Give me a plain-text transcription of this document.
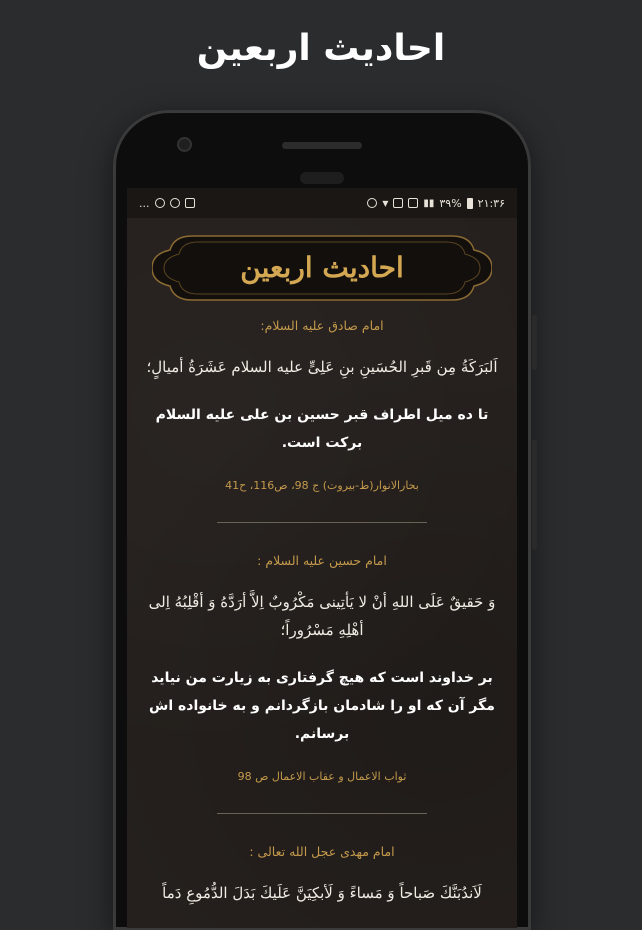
احادیث اربعین
...	▾	▮▮ ۳۹% ۲۱:۳۶
احادیث اربعین
امام صادق علیه السلام:
اَلبَرَكَةُ مِن قَبرِ الحُسَينِ بنِ عَلِیٍّ علیه السلام عَشَرَةُ أميالٍ؛
تا ده میل اطراف قبر حسین بن علی علیه السلام برکت است.
بحارالانوار(ط-بیروت) ج 98، ص116، ح41
امام حسین علیه السلام :
وَ حَقيقٌ عَلَى اللهِ أنْ لا يَأتِينى مَكْرُوبٌ اِلاَّ أرَدَّهُ وَ أقْلِبُهُ اِلى أهْلِهِ مَسْرُوراً؛
بر خداوند است که هیچ گرفتاری به زیارت من نیاید مگر آن که او را شادمان بازگردانم و به خانواده اش برسانم.
ثواب الاعمال و عقاب الاعمال ص 98
امام مهدی عجل الله تعالی :
لَاَندُبَنَّكَ صَباحاً وَ مَساءً وَ لَأبكِيَنَّ عَلَيكَ بَدَلَ الدُّمُوعِ دَماً
